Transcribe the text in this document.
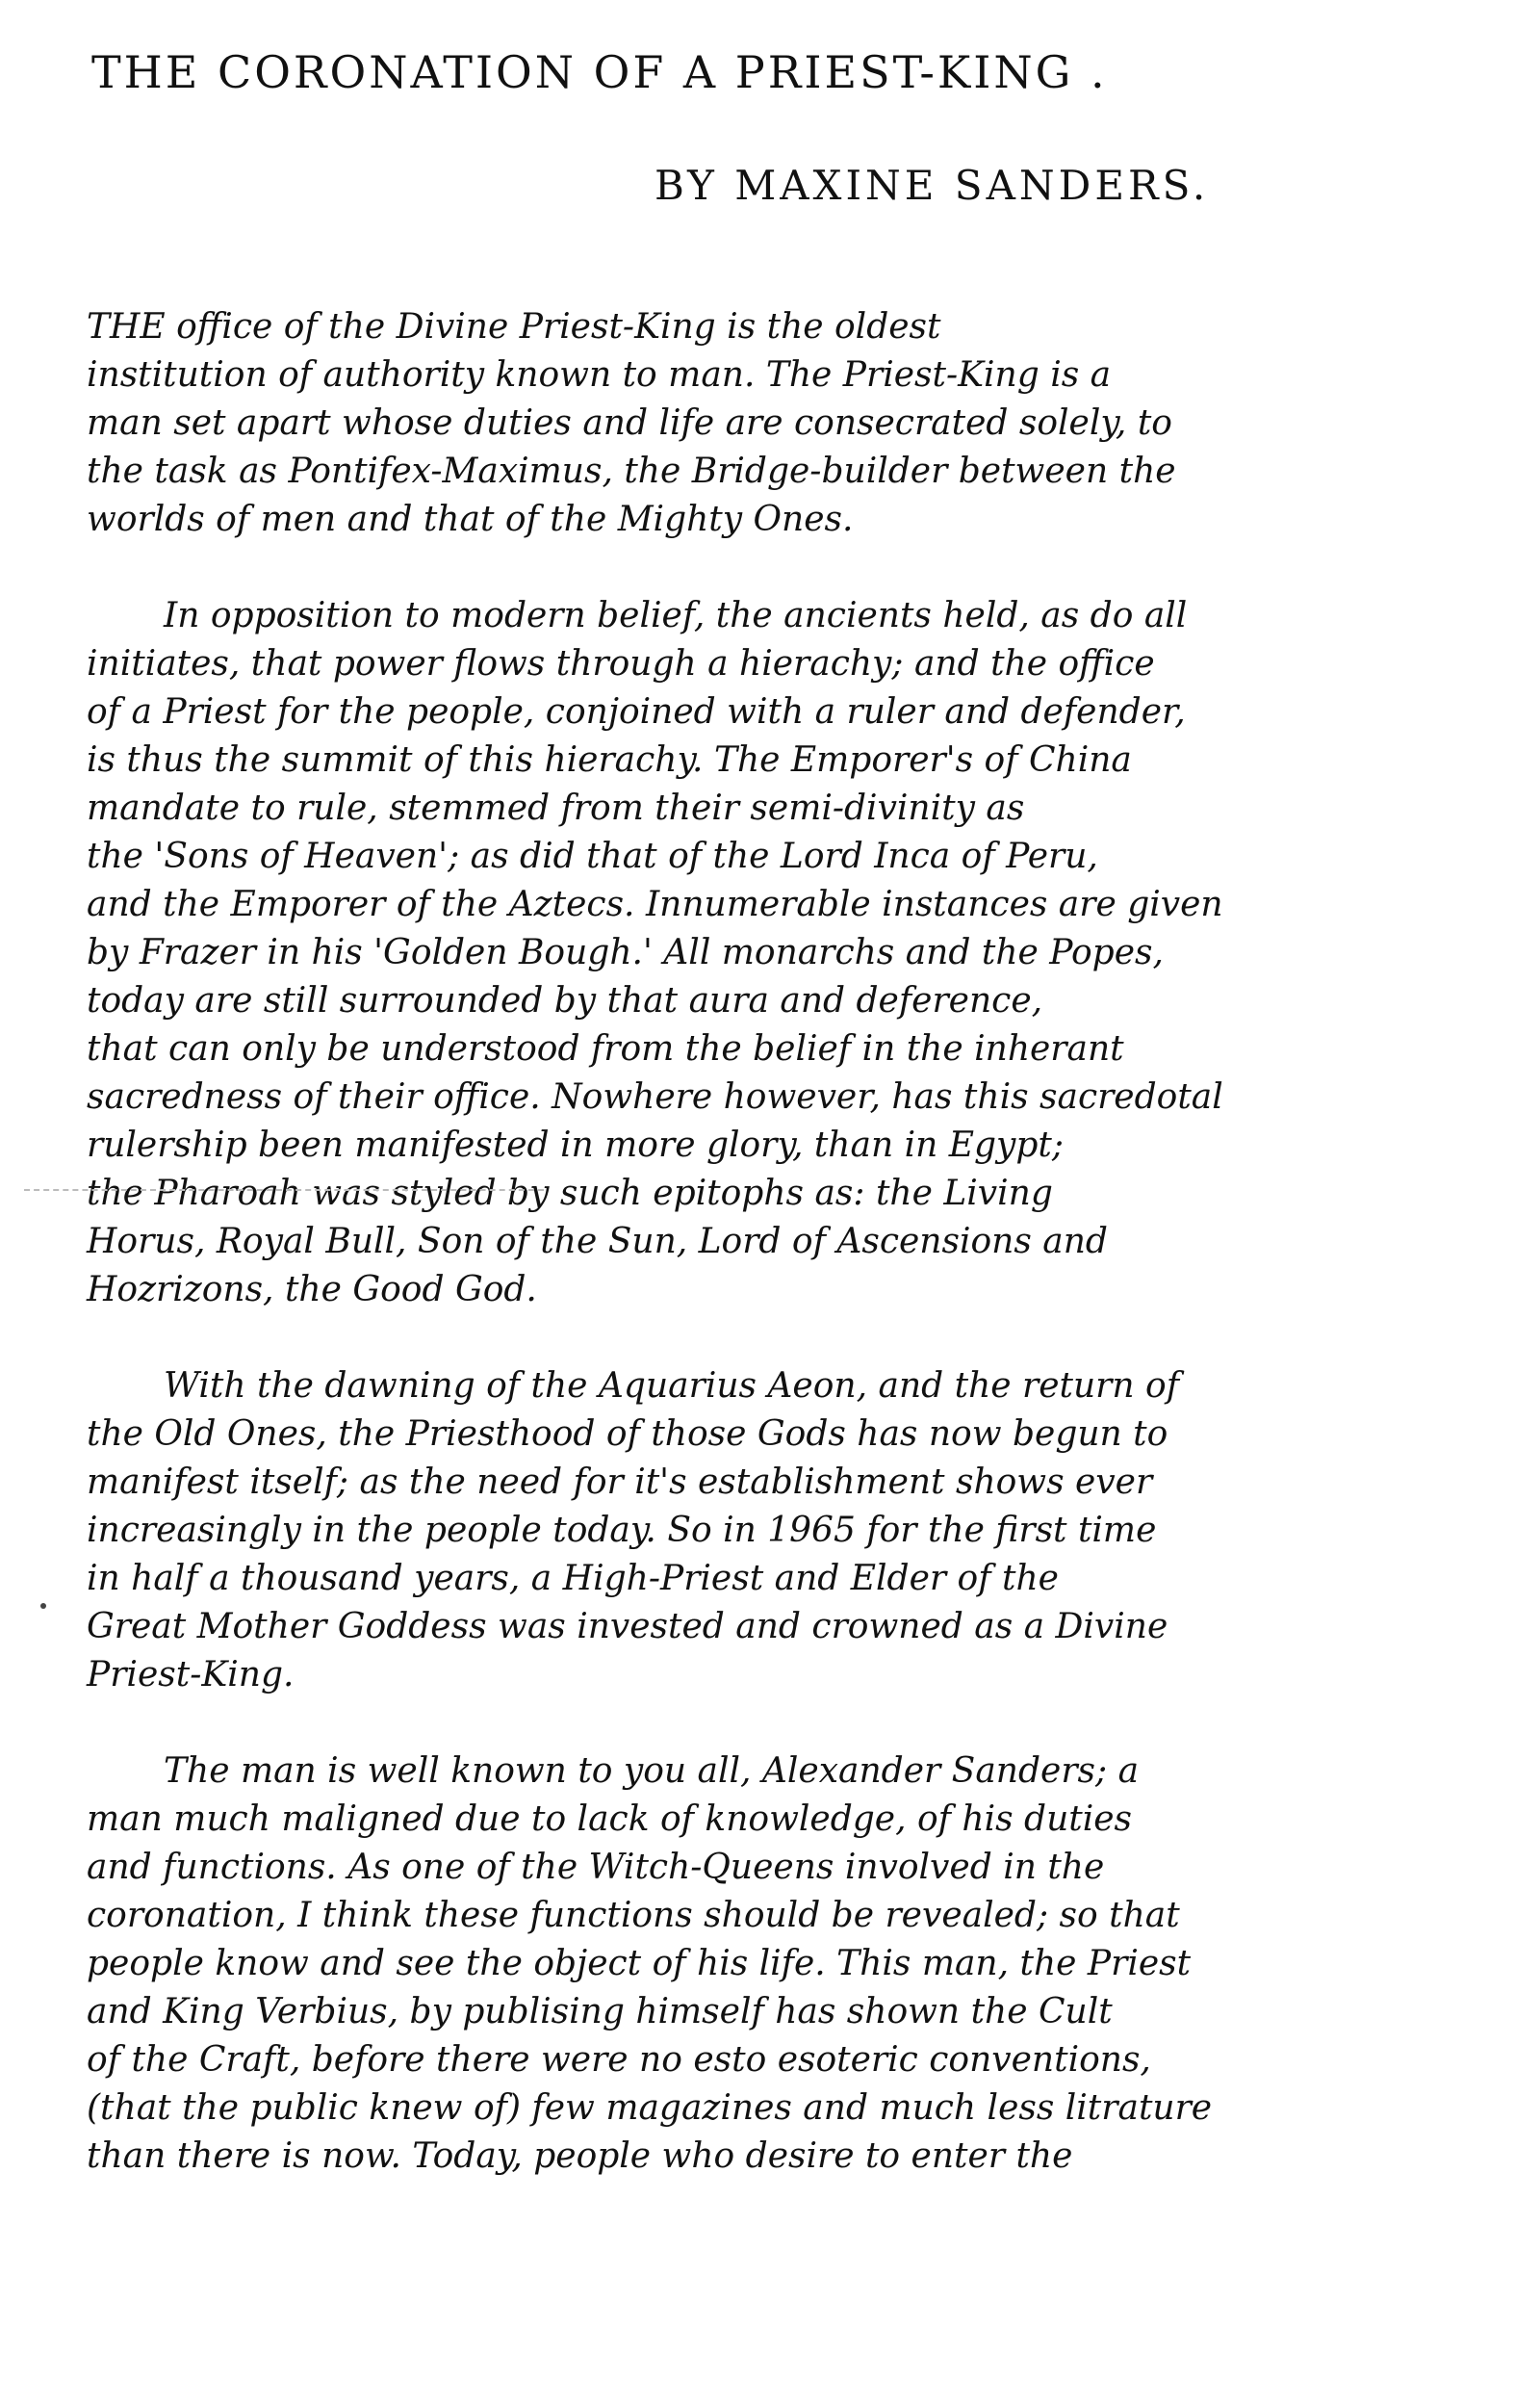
THE CORONATION OF A PRIEST-KING .
BY MAXINE SANDERS.
THE office of the Divine Priest-King is the oldest
institution of authority known to man. The Priest-King is a
man set apart whose duties and life are consecrated solely, to
the task as Pontifex-Maximus, the Bridge-builder between the
worlds of men and that of the Mighty Ones.
In opposition to modern belief, the ancients held, as do all
initiates, that power flows through a hierachy; and the office
of a Priest for the people, conjoined with a ruler and defender,
is thus the summit of this hierachy. The Emporer's of China
mandate to rule, stemmed from their semi-divinity as
the 'Sons of Heaven'; as did that of the Lord Inca of Peru,
and the Emporer of the Aztecs. Innumerable instances are given
by Frazer in his 'Golden Bough.' All monarchs and the Popes,
today are still surrounded by that aura and deference,
that can only be understood from the belief in the inherant
sacredness of their office. Nowhere however, has this sacredotal
rulership been manifested in more glory, than in Egypt;
the Pharoah was styled by such epitophs as: the Living
Horus, Royal Bull, Son of the Sun, Lord of Ascensions and
Hozrizons, the Good God.
With the dawning of the Aquarius Aeon, and the return of
the Old Ones, the Priesthood of those Gods has now begun to
manifest itself; as the need for it's establishment shows ever
increasingly in the people today. So in 1965 for the first time
in half a thousand years, a High-Priest and Elder of the
Great Mother Goddess was invested and crowned as a Divine
Priest-King.
The man is well known to you all, Alexander Sanders; a
man much maligned due to lack of knowledge, of his duties
and functions. As one of the Witch-Queens involved in the
coronation, I think these functions should be revealed; so that
people know and see the object of his life. This man, the Priest
and King Verbius, by publising himself has shown the Cult
of the Craft, before there were no esto esoteric conventions,
(that the public knew of) few magazines and much less litrature
than there is now. Today, people who desire to enter the
